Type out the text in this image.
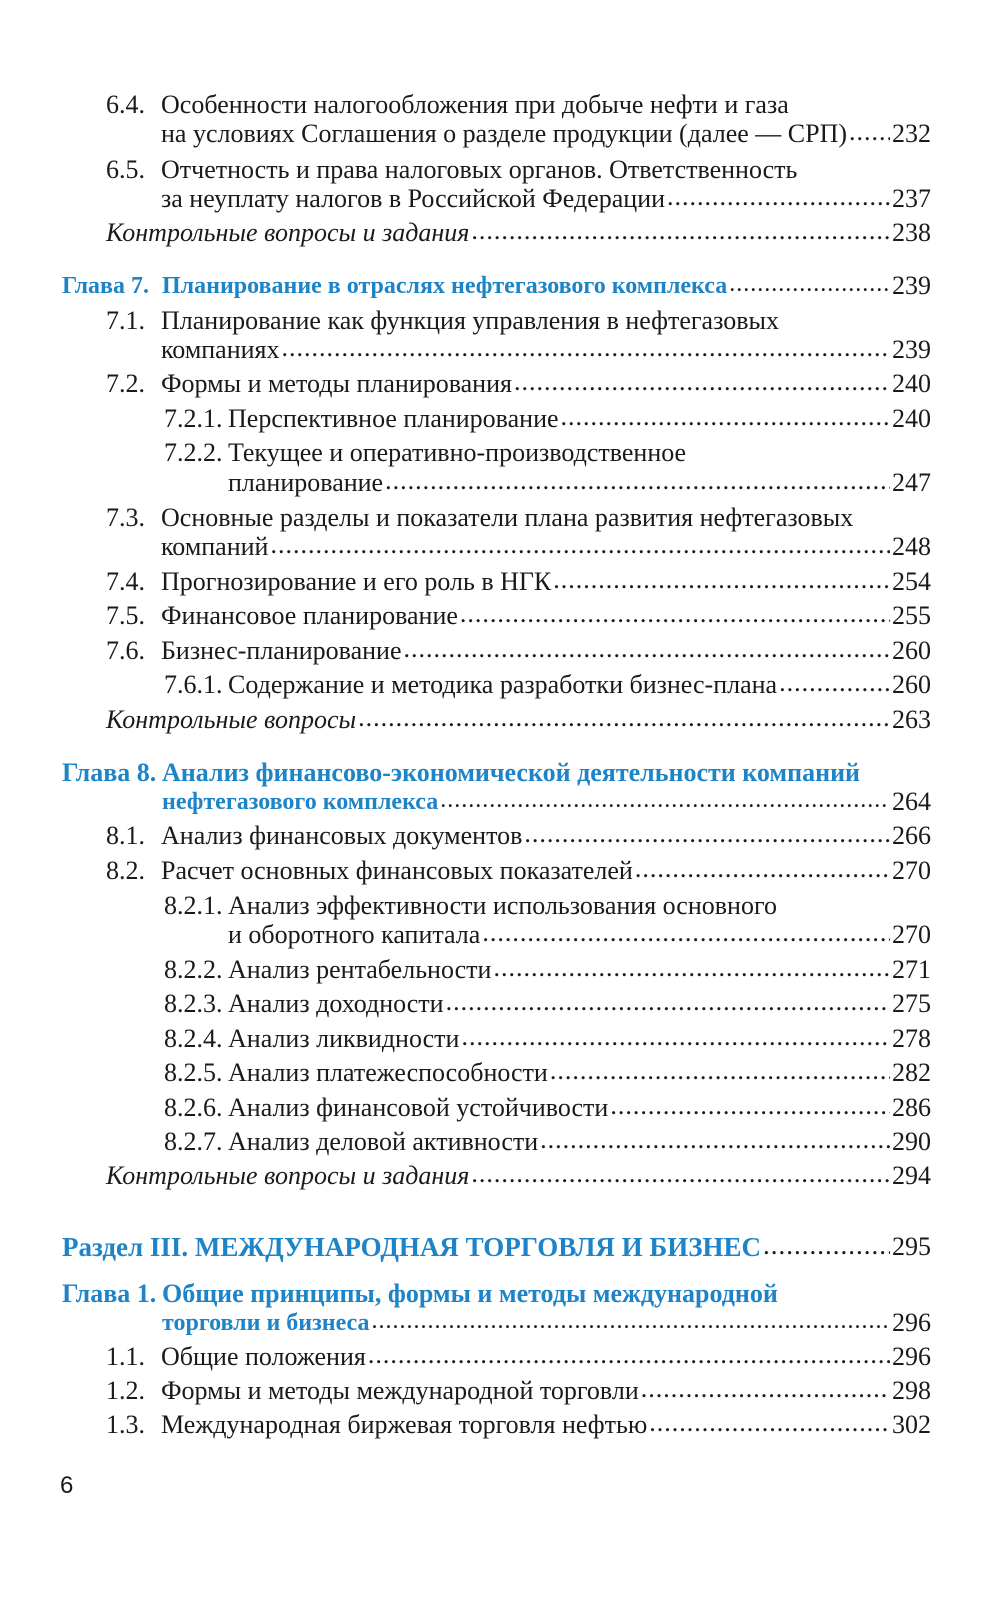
6.4. Особенности налогообложения при добыче нефти и газа
на условиях Соглашения о разделе продукции (далее — СРП) ..... 232
6.5. Отчетность и права налоговых органов. Ответственность
за неуплату налогов в Российской Федерации .....	237
Контрольные вопросы и задания .....	238
Глава 7. Планирование в отраслях нефтегазового комплекса .....	239
7.1. Планирование как функция управления в нефтегазовых
компаниях .....	239
7.2. Формы и методы планирования .....	240
7.2.1. Перспективное планирование .....	240
7.2.2. Текущее и оперативно-производственное
планирование .....	247
7.3. Основные разделы и показатели плана развития нефтегазовых
компаний .....	248
7.4. Прогнозирование и его роль в НГК .....	254
7.5. Финансовое планирование .....	255
7.6. Бизнес-планирование .....	260
7.6.1. Содержание и методика разработки бизнес-плана .....	260
Контрольные вопросы .....	263
Глава 8. Анализ финансово-экономической деятельности компаний
нефтегазового комплекса .....	264
8.1. Анализ финансовых документов .....	266
8.2. Расчет основных финансовых показателей .....	270
8.2.1. Анализ эффективности использования основного
и оборотного капитала .....	270
8.2.2. Анализ рентабельности .....	271
8.2.3. Анализ доходности .....	275
8.2.4. Анализ ликвидности .....	278
8.2.5. Анализ платежеспособности .....	282
8.2.6. Анализ финансовой устойчивости .....	286
8.2.7. Анализ деловой активности .....	290
Контрольные вопросы и задания .....	294
Раздел III. МЕЖДУНАРОДНАЯ ТОРГОВЛЯ И БИЗНЕС .....	295
Глава 1. Общие принципы, формы и методы международной
торговли и бизнеса .....	296
1.1. Общие положения .....	296
1.2. Формы и методы международной торговли .....	298
1.3. Международная биржевая торговля нефтью .....	302
6
